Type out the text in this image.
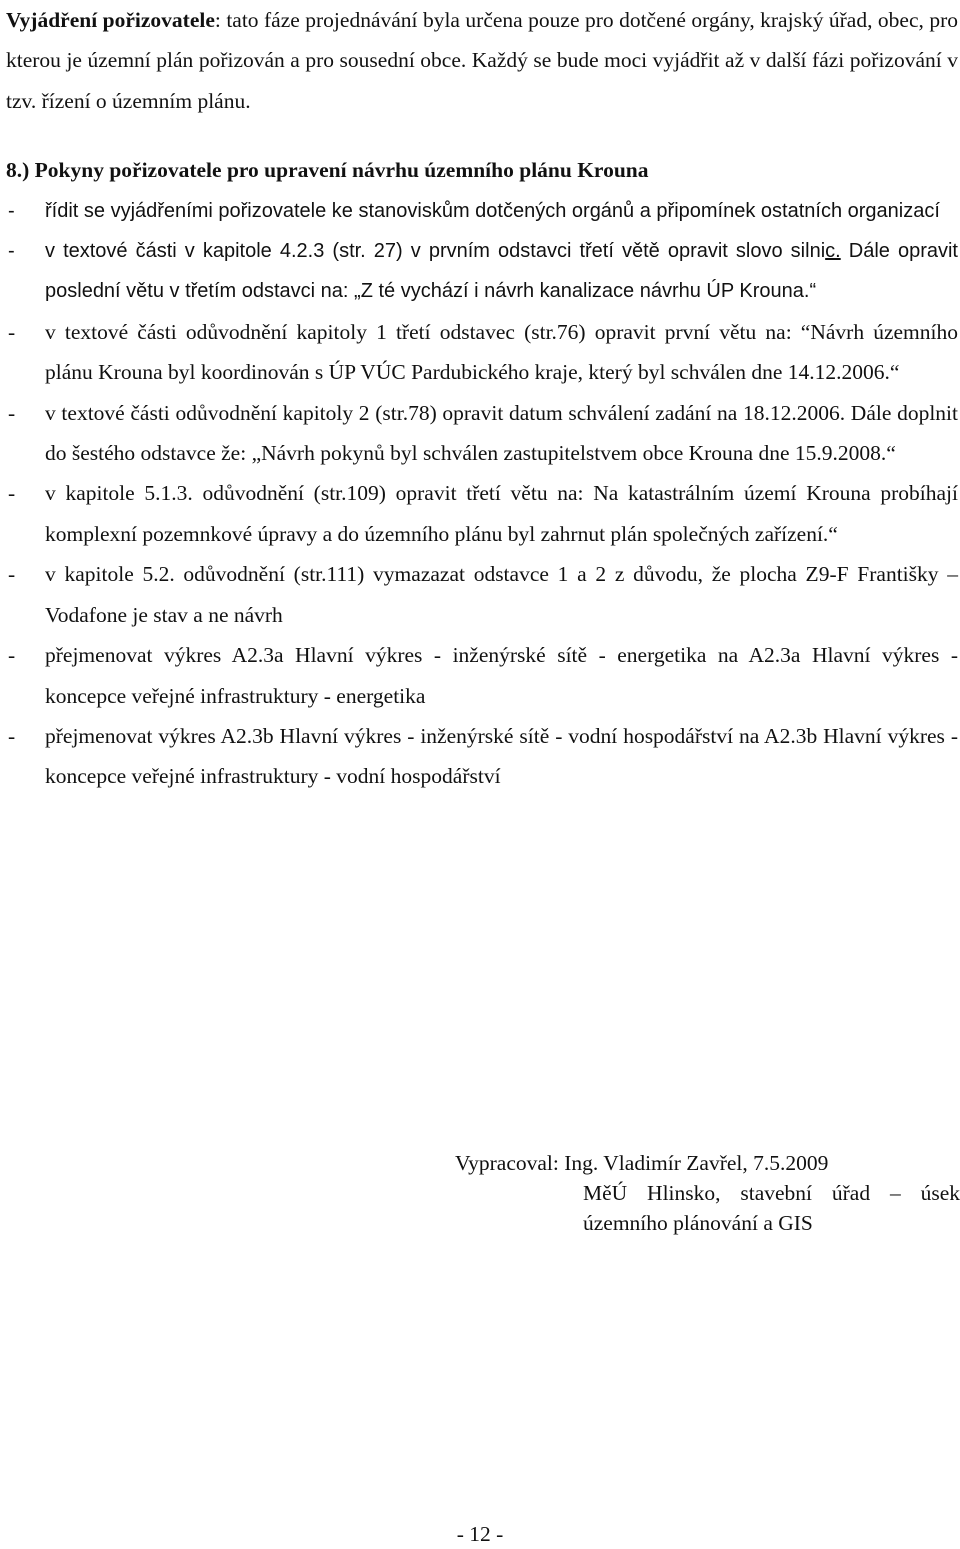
Vyjádření pořizovatele: tato fáze projednávání byla určena pouze pro dotčené orgány, krajský úřad, obec, pro kterou je územní plán pořizován a pro sousední obce. Každý se bude moci vyjádřit až v další fázi pořizování v tzv. řízení o územním plánu.

8.) Pokyny pořizovatele pro upravení návrhu územního plánu Krouna

- řídit se vyjádřeními pořizovatele ke stanoviskům dotčených orgánů a připomínek ostatních organizací
- v textové části v kapitole 4.2.3 (str. 27) v prvním odstavci třetí větě opravit slovo silnic. Dále opravit poslední větu v třetím odstavci na: „Z té vychází i návrh kanalizace návrhu ÚP Krouna.“
- v textové části odůvodnění kapitoly 1 třetí odstavec (str.76) opravit první větu na: “Návrh územního plánu Krouna byl koordinován s ÚP VÚC Pardubického kraje, který byl schválen dne 14.12.2006.“
- v textové části odůvodnění kapitoly 2 (str.78) opravit datum schválení zadání na 18.12.2006. Dále doplnit do šestého odstavce že: „Návrh pokynů byl schválen zastupitelstvem obce Krouna dne 15.9.2008.“
- v kapitole 5.1.3. odůvodnění (str.109) opravit třetí větu na: Na katastrálním území Krouna probíhají komplexní pozemnkové úpravy a do územního plánu byl zahrnut plán společných zařízení.“
- v kapitole 5.2. odůvodnění (str.111) vymazazat odstavce 1 a 2 z důvodu, že plocha Z9-F Františky – Vodafone je stav a ne návrh
- přejmenovat výkres A2.3a Hlavní výkres - inženýrské sítě - energetika na A2.3a Hlavní výkres - koncepce veřejné infrastruktury - energetika
- přejmenovat výkres A2.3b Hlavní výkres - inženýrské sítě - vodní hospodářství na A2.3b Hlavní výkres - koncepce veřejné infrastruktury - vodní hospodářství

Vypracoval: Ing. Vladimír Zavřel, 7.5.2009

MěÚ Hlinsko, stavební úřad – úsek územního plánování a GIS

- 12 -
